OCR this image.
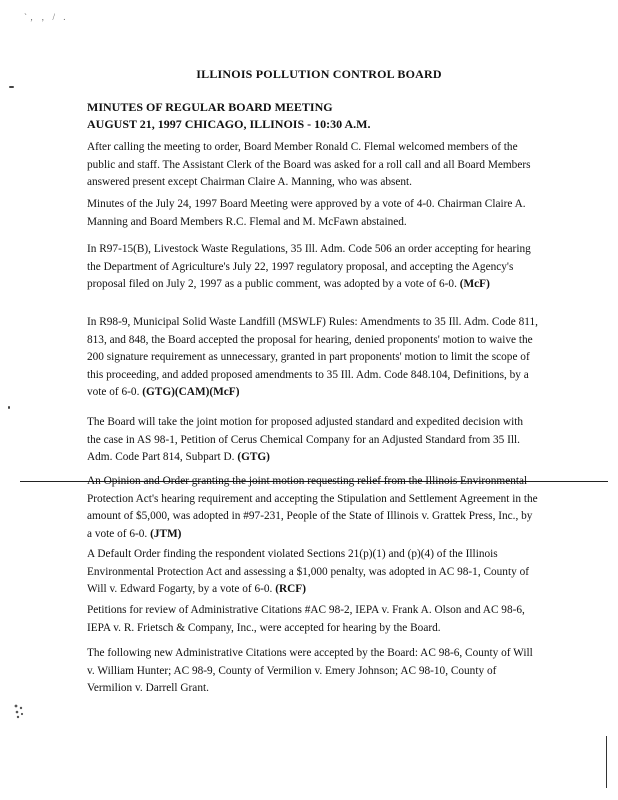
`‚ ‚ / .
ILLINOIS POLLUTION CONTROL BOARD
MINUTES OF REGULAR BOARD MEETING
AUGUST 21, 1997 CHICAGO, ILLINOIS - 10:30 A.M.
After calling the meeting to order, Board Member Ronald C. Flemal welcomed members of the public and staff. The Assistant Clerk of the Board was asked for a roll call and all Board Members answered present except Chairman Claire A. Manning, who was absent.
Minutes of the July 24, 1997 Board Meeting were approved by a vote of 4-0. Chairman Claire A. Manning and Board Members R.C. Flemal and M. McFawn abstained.
In R97-15(B), Livestock Waste Regulations, 35 Ill. Adm. Code 506 an order accepting for hearing the Department of Agriculture's July 22, 1997 regulatory proposal, and accepting the Agency's proposal filed on July 2, 1997 as a public comment, was adopted by a vote of 6-0. (McF)
In R98-9, Municipal Solid Waste Landfill (MSWLF) Rules: Amendments to 35 Ill. Adm. Code 811, 813, and 848, the Board accepted the proposal for hearing, denied proponents' motion to waive the 200 signature requirement as unnecessary, granted in part proponents' motion to limit the scope of this proceeding, and added proposed amendments to 35 Ill. Adm. Code 848.104, Definitions, by a vote of 6-0. (GTG)(CAM)(McF)
The Board will take the joint motion for proposed adjusted standard and expedited decision with the case in AS 98-1, Petition of Cerus Chemical Company for an Adjusted Standard from 35 Ill. Adm. Code Part 814, Subpart D. (GTG)
An Opinion and Order granting the joint motion requesting relief from the Illinois Environmental Protection Act's hearing requirement and accepting the Stipulation and Settlement Agreement in the amount of $5,000, was adopted in #97-231, People of the State of Illinois v. Grattek Press, Inc., by a vote of 6-0. (JTM)
A Default Order finding the respondent violated Sections 21(p)(1) and (p)(4) of the Illinois Environmental Protection Act and assessing a $1,000 penalty, was adopted in AC 98-1, County of Will v. Edward Fogarty, by a vote of 6-0. (RCF)
Petitions for review of Administrative Citations #AC 98-2, IEPA v. Frank A. Olson and AC 98-6, IEPA v. R. Frietsch & Company, Inc., were accepted for hearing by the Board.
The following new Administrative Citations were accepted by the Board: AC 98-6, County of Will v. William Hunter; AC 98-9, County of Vermilion v. Emery Johnson; AC 98-10, County of Vermilion v. Darrell Grant.
